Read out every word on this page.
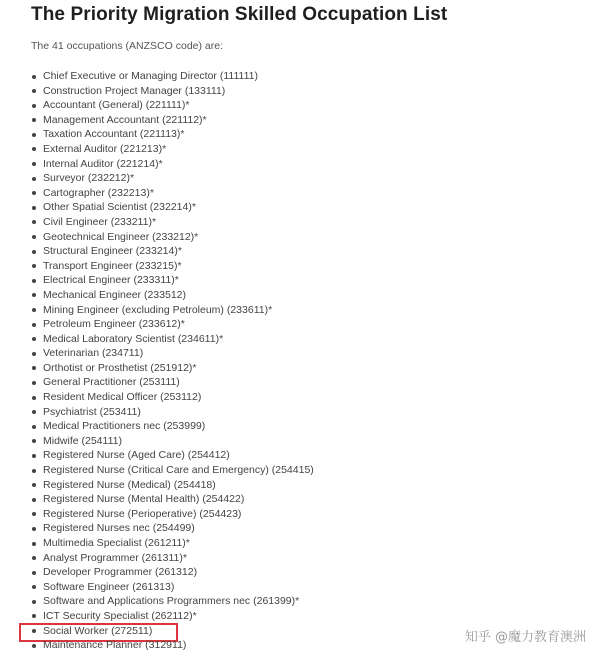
The Priority Migration Skilled Occupation List
The 41 occupations (ANZSCO code) are:
Chief Executive or Managing Director (111111)
Construction Project Manager (133111)
Accountant (General) (221111)*
Management Accountant (221112)*
Taxation Accountant (221113)*
External Auditor (221213)*
Internal Auditor (221214)*
Surveyor (232212)*
Cartographer (232213)*
Other Spatial Scientist (232214)*
Civil Engineer (233211)*
Geotechnical Engineer (233212)*
Structural Engineer (233214)*
Transport Engineer (233215)*
Electrical Engineer (233311)*
Mechanical Engineer (233512)
Mining Engineer (excluding Petroleum) (233611)*
Petroleum Engineer (233612)*
Medical Laboratory Scientist (234611)*
Veterinarian (234711)
Orthotist or Prosthetist (251912)*
General Practitioner (253111)
Resident Medical Officer (253112)
Psychiatrist (253411)
Medical Practitioners nec (253999)
Midwife (254111)
Registered Nurse (Aged Care) (254412)
Registered Nurse (Critical Care and Emergency) (254415)
Registered Nurse (Medical) (254418)
Registered Nurse (Mental Health) (254422)
Registered Nurse (Perioperative) (254423)
Registered Nurses nec (254499)
Multimedia Specialist (261211)*
Analyst Programmer (261311)*
Developer Programmer (261312)
Software Engineer (261313)
Software and Applications Programmers nec (261399)*
ICT Security Specialist (262112)*
Social Worker (272511)
Maintenance Planner (312911)
知乎 @魔力教育澳洲
